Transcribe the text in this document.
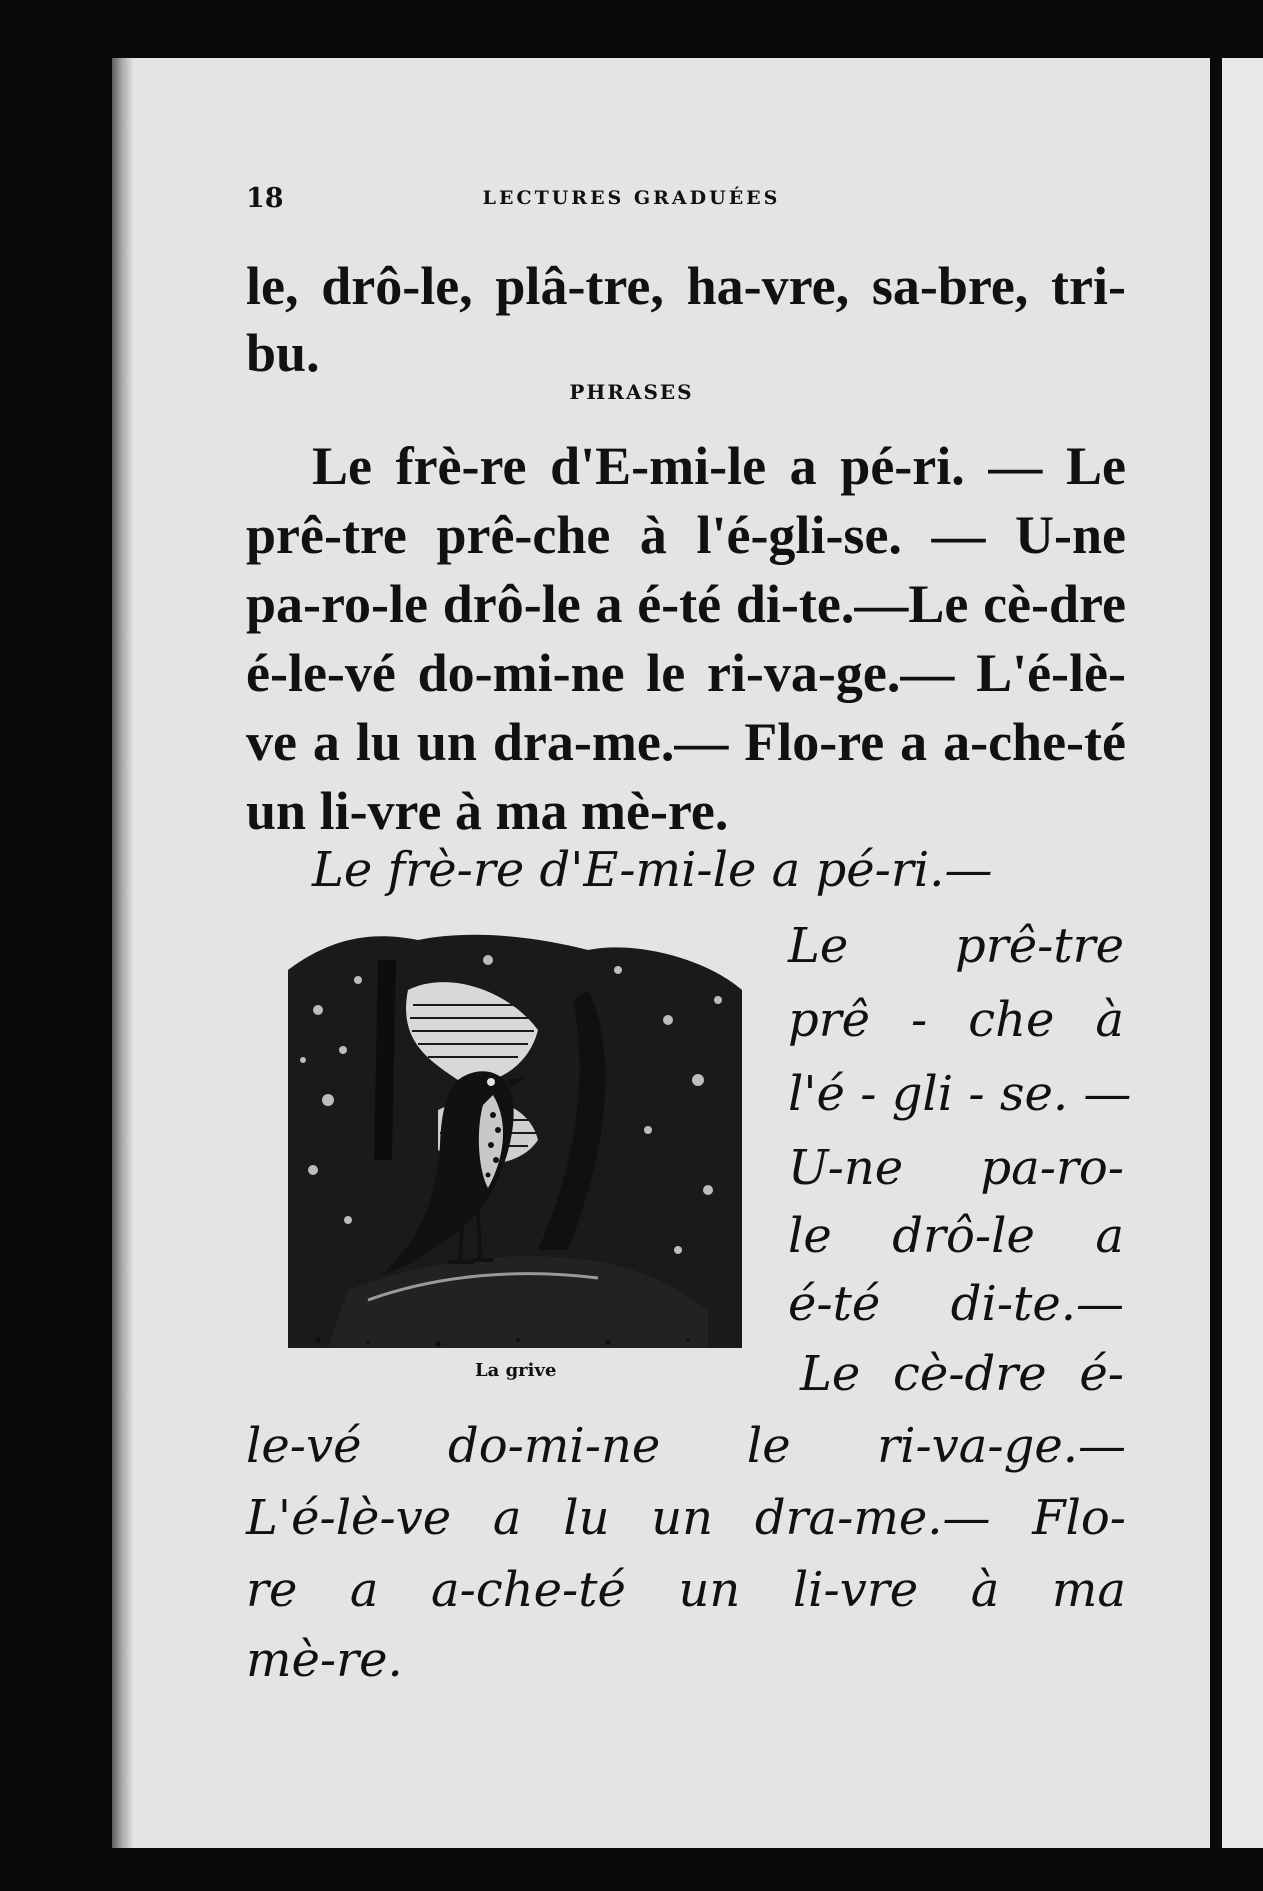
18	LECTURES GRADUÉES
le, drô-le, plâ-tre, ha-vre, sa-bre, tri-
bu.
PHRASES
Le frè-re d'E-mi-le a pé-ri. — Le
prê-tre prê-che à l'é-gli-se. — U-ne
pa-ro-le drô-le a é-té di-te.—Le cè-dre
é-le-vé do-mi-ne le ri-va-ge.— L'é-lè-
ve a lu un dra-me.— Flo-re a a-che-té
un li-vre à ma mè-re.
Le frè-re d'E-mi-le a pé-ri.—
Le prê-tre
prê - che à
l'é - gli - se. —
U-ne pa-ro-
le drô-le a
é-té di-te.—
Le cè-dre é-
le-vé do-mi-ne le ri-va-ge.—
L'é-lè-ve a lu un dra-me.— Flo-
re a a-che-té un li-vre à ma
mè-re.
La grive
